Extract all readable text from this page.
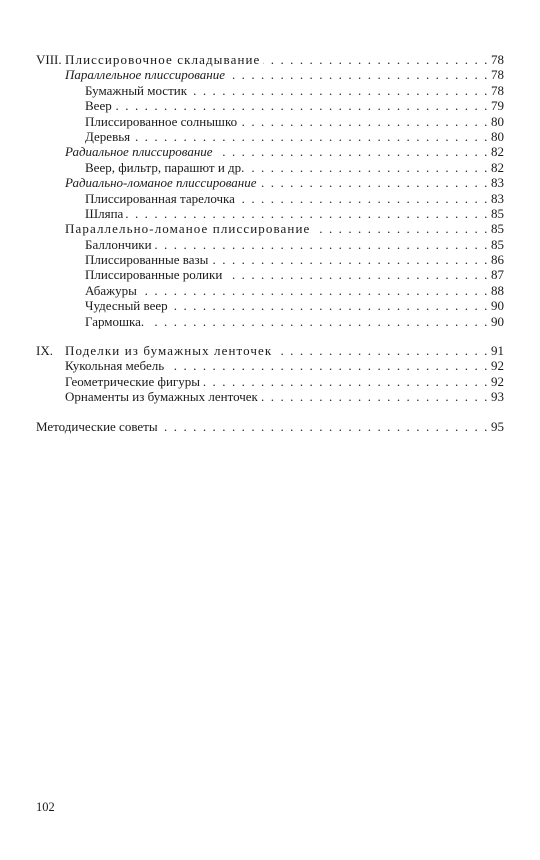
VIII. Плиссировочное складывание . . .	78
Параллельное плиссирование . . .	78
Бумажный мостик . . .	78
Веер . . .	79
Плиссированное солнышко . . .	80
Деревья . . .	80
Радиальное плиссирование . . .	82
Веер, фильтр, парашют и др. . . .	82
Радиально-ломаное плиссирование . . .	83
Плиссированная тарелочка . . .	83
Шляпа . . .	85
Параллельно-ломаное плиссирование . . .	85
Баллончики . . .	85
Плиссированные вазы . . .	86
Плиссированные ролики . . .	87
Абажуры . . .	88
Чудесный веер . . .	90
Гармошка. . . .	90
IX. Поделки из бумажных ленточек . . .	91
Кукольная мебель . . .	92
Геометрические фигуры . . .	92
Орнаменты из бумажных ленточек . . .	93
Методические советы . . .	95
102
